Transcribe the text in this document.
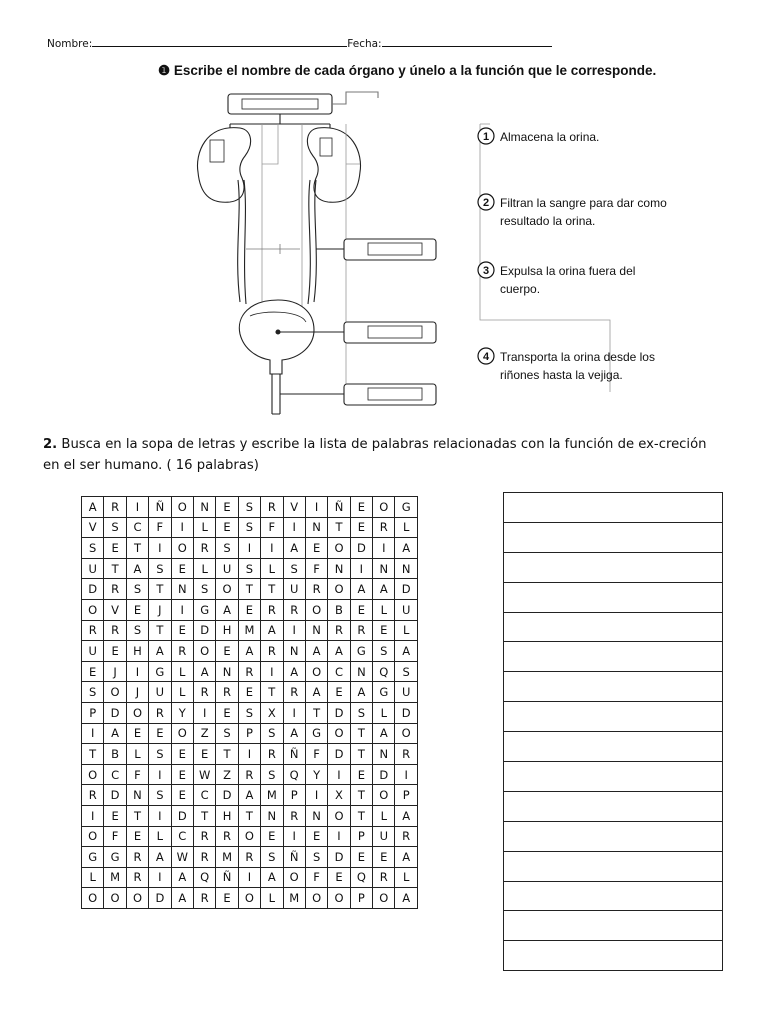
Nombre:	Fecha:
❶ Escribe el nombre de cada órgano y únelo a la función que le corresponde.
1 Almacena la orina.
2 Filtran la sangre para dar como
resultado la orina.
3 Expulsa la orina fuera del
cuerpo.
4 Transporta la orina desde los
riñones hasta la vejiga.
2. Busca en la sopa de letras y escribe la lista de palabras relacionadas con la función de ex-creción en el ser humano. ( 16 palabras)
A	R	I	Ñ	O	N	E	S	R	V	I	Ñ	E	O	G
V	S	C	F	I	L	E	S	F	I	N	T	E	R	L
S	E	T	I	O	R	S	I	I	A	E	O	D	I	A
U	T	A	S	E	L	U	S	L	S	F	N	I	N	N
D	R	S	T	N	S	O	T	T	U	R	O	A	A	D
O	V	E	J	I	G	A	E	R	R	O	B	E	L	U
R	R	S	T	E	D	H	M	A	I	N	R	R	E	L
U	E	H	A	R	O	E	A	R	N	A	A	G	S	A
E	J	I	G	L	A	N	R	I	A	O	C	N	Q	S
S	O	J	U	L	R	R	E	T	R	A	E	A	G	U
P	D	O	R	Y	I	E	S	X	I	T	D	S	L	D
I	A	E	E	O	Z	S	P	S	A	G	O	T	A	O
T	B	L	S	E	E	T	I	R	Ñ	F	D	T	N	R
O	C	F	I	E	W	Z	R	S	Q	Y	I	E	D	I
R	D	N	S	E	C	D	A	M	P	I	X	T	O	P
I	E	T	I	D	T	H	T	N	R	N	O	T	L	A
O	F	E	L	C	R	R	O	E	I	E	I	P	U	R
G	G	R	A	W	R	M	R	S	Ñ	S	D	E	E	A
L	M	R	I	A	Q	Ñ	I	A	O	F	E	Q	R	L
O	O	O	D	A	R	E	O	L	M	O	O	P	O	A
